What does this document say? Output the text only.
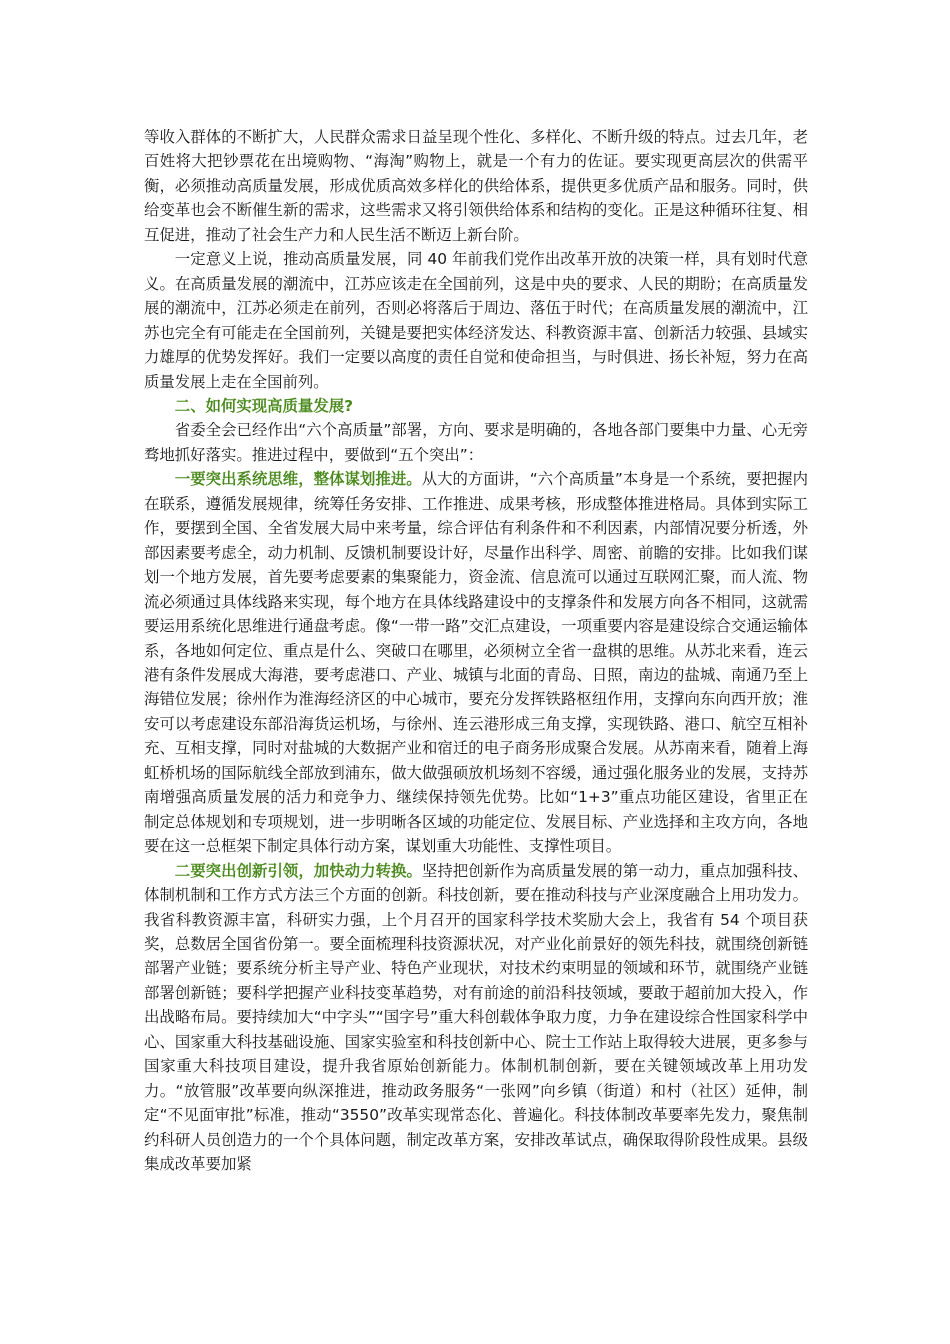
等收入群体的不断扩大，人民群众需求日益呈现个性化、多样化、不断升级的特点。过去几年，老百姓将大把钞票花在出境购物、“海淘”购物上，就是一个有力的佐证。要实现更高层次的供需平衡，必须推动高质量发展，形成优质高效多样化的供给体系，提供更多优质产品和服务。同时，供给变革也会不断催生新的需求，这些需求又将引领供给体系和结构的变化。正是这种循环往复、相互促进，推动了社会生产力和人民生活不断迈上新台阶。

一定意义上说，推动高质量发展，同 40 年前我们党作出改革开放的决策一样，具有划时代意义。在高质量发展的潮流中，江苏应该走在全国前列，这是中央的要求、人民的期盼；在高质量发展的潮流中，江苏必须走在前列，否则必将落后于周边、落伍于时代；在高质量发展的潮流中，江苏也完全有可能走在全国前列，关键是要把实体经济发达、科教资源丰富、创新活力较强、县域实力雄厚的优势发挥好。我们一定要以高度的责任自觉和使命担当，与时俱进、扬长补短，努力在高质量发展上走在全国前列。

二、如何实现高质量发展?

省委全会已经作出“六个高质量”部署，方向、要求是明确的，各地各部门要集中力量、心无旁骛地抓好落实。推进过程中，要做到“五个突出”：

一要突出系统思维，整体谋划推进。从大的方面讲，“六个高质量”本身是一个系统，要把握内在联系，遵循发展规律，统筹任务安排、工作推进、成果考核，形成整体推进格局。具体到实际工作，要摆到全国、全省发展大局中来考量，综合评估有利条件和不利因素，内部情况要分析透，外部因素要考虑全，动力机制、反馈机制要设计好，尽量作出科学、周密、前瞻的安排。比如我们谋划一个地方发展，首先要考虑要素的集聚能力，资金流、信息流可以通过互联网汇聚，而人流、物流必须通过具体线路来实现，每个地方在具体线路建设中的支撑条件和发展方向各不相同，这就需要运用系统化思维进行通盘考虑。像“一带一路”交汇点建设，一项重要内容是建设综合交通运输体系，各地如何定位、重点是什么、突破口在哪里，必须树立全省一盘棋的思维。从苏北来看，连云港有条件发展成大海港，要考虑港口、产业、城镇与北面的青岛、日照，南边的盐城、南通乃至上海错位发展；徐州作为淮海经济区的中心城市，要充分发挥铁路枢纽作用，支撑向东向西开放；淮安可以考虑建设东部沿海货运机场，与徐州、连云港形成三角支撑，实现铁路、港口、航空互相补充、互相支撑，同时对盐城的大数据产业和宿迁的电子商务形成聚合发展。从苏南来看，随着上海虹桥机场的国际航线全部放到浦东，做大做强硕放机场刻不容缓，通过强化服务业的发展，支持苏南增强高质量发展的活力和竞争力、继续保持领先优势。比如“1+3”重点功能区建设，省里正在制定总体规划和专项规划，进一步明晰各区域的功能定位、发展目标、产业选择和主攻方向，各地要在这一总框架下制定具体行动方案，谋划重大功能性、支撑性项目。

二要突出创新引领，加快动力转换。坚持把创新作为高质量发展的第一动力，重点加强科技、体制机制和工作方式方法三个方面的创新。科技创新，要在推动科技与产业深度融合上用功发力。我省科教资源丰富，科研实力强，上个月召开的国家科学技术奖励大会上，我省有 54 个项目获奖，总数居全国省份第一。要全面梳理科技资源状况，对产业化前景好的领先科技，就围绕创新链部署产业链；要系统分析主导产业、特色产业现状，对技术约束明显的领域和环节，就围绕产业链部署创新链；要科学把握产业科技变革趋势，对有前途的前沿科技领域，要敢于超前加大投入，作出战略布局。要持续加大“中字头”“国字号”重大科创载体争取力度，力争在建设综合性国家科学中心、国家重大科技基础设施、国家实验室和科技创新中心、院士工作站上取得较大进展，更多参与国家重大科技项目建设，提升我省原始创新能力。体制机制创新，要在关键领域改革上用功发力。“放管服”改革要向纵深推进，推动政务服务“一张网”向乡镇（街道）和村（社区）延伸，制定“不见面审批”标准，推动“3550”改革实现常态化、普遍化。科技体制改革要率先发力，聚焦制约科研人员创造力的一个个具体问题，制定改革方案，安排改革试点，确保取得阶段性成果。县级集成改革要加紧
